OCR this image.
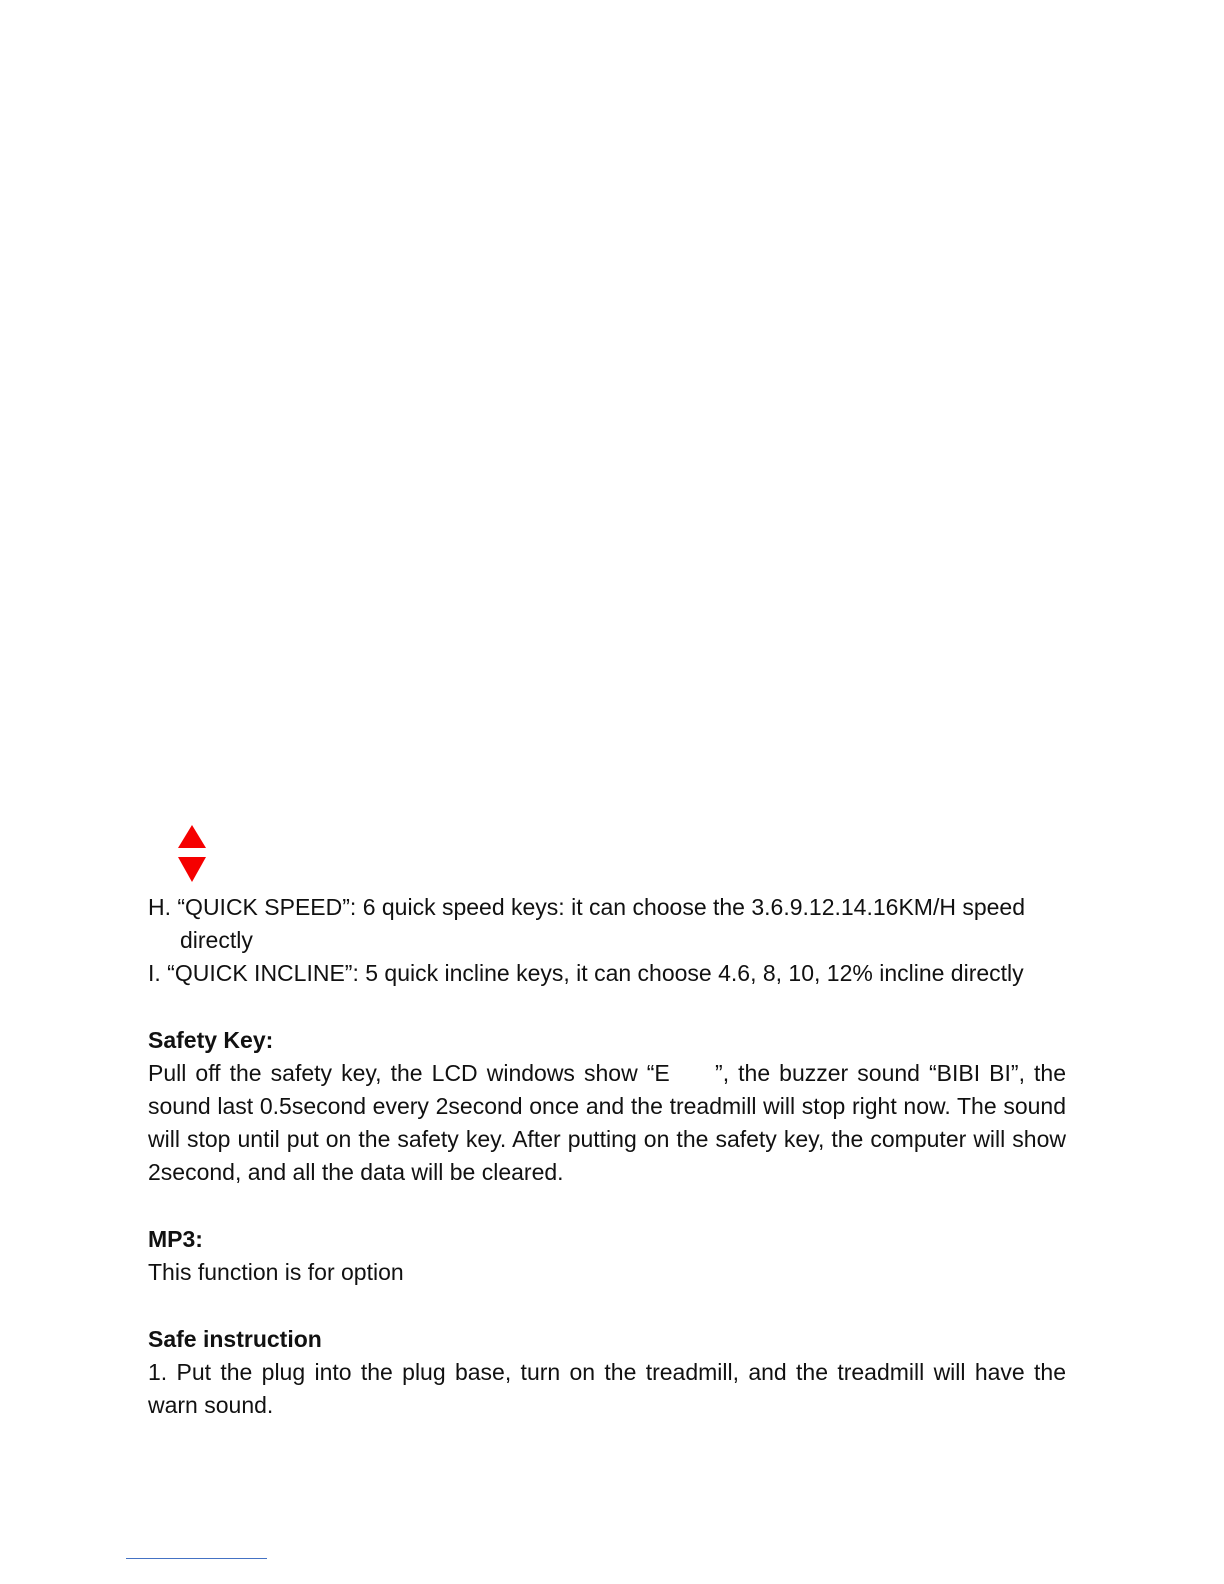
H. “QUICK SPEED”: 6 quick speed keys: it can choose the 3.6.9.12.14.16KM/H speed
directly

I. “QUICK INCLINE”: 5 quick incline keys, it can choose 4.6, 8, 10, 12% incline directly

Safety Key:

Pull off the safety key, the LCD windows show “E     ”, the buzzer sound “BIBI BI”, the sound last 0.5second every 2second once and the treadmill will stop right now. The sound will stop until put on the safety key. After putting on the safety key, the computer will show 2second, and all the data will be cleared.

MP3:

This function is for option

Safe instruction

1. Put the plug into the plug base, turn on the treadmill, and the treadmill will have the warn sound.
